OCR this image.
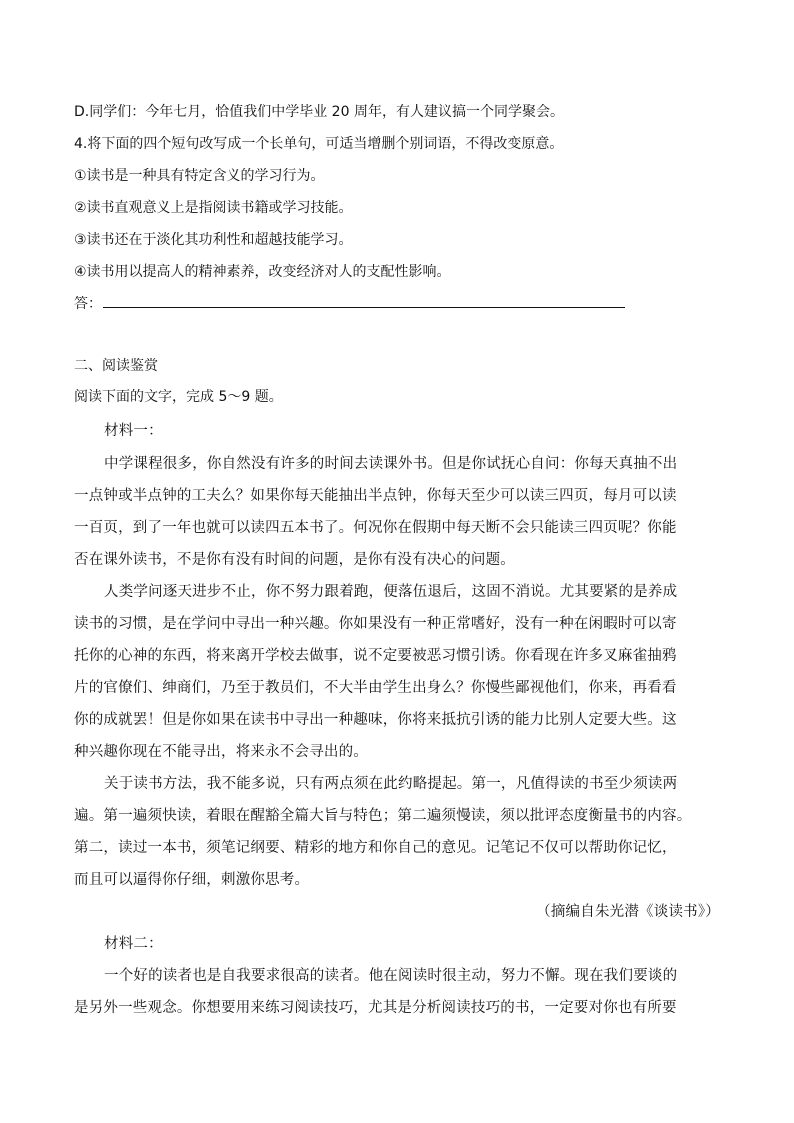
D.同学们：今年七月，恰值我们中学毕业 20 周年，有人建议搞一个同学聚会。
4.将下面的四个短句改写成一个长单句，可适当增删个别词语，不得改变原意。
①读书是一种具有特定含义的学习行为。
②读书直观意义上是指阅读书籍或学习技能。
③读书还在于淡化其功利性和超越技能学习。
④读书用以提高人的精神素养，改变经济对人的支配性影响。
答：
二、阅读鉴赏
阅读下面的文字，完成 5～9 题。
材料一：
中学课程很多，你自然没有许多的时间去读课外书。但是你试抚心自问：你每天真抽不出
一点钟或半点钟的工夫么？如果你每天能抽出半点钟，你每天至少可以读三四页，每月可以读
一百页，到了一年也就可以读四五本书了。何况你在假期中每天断不会只能读三四页呢？你能
否在课外读书，不是你有没有时间的问题，是你有没有决心的问题。
人类学问逐天进步不止，你不努力跟着跑，便落伍退后，这固不消说。尤其要紧的是养成
读书的习惯，是在学问中寻出一种兴趣。你如果没有一种正常嗜好，没有一种在闲暇时可以寄
托你的心神的东西，将来离开学校去做事，说不定要被恶习惯引诱。你看现在许多叉麻雀抽鸦
片的官僚们、绅商们，乃至于教员们，不大半由学生出身么？你慢些鄙视他们，你来，再看看
你的成就罢！但是你如果在读书中寻出一种趣味，你将来抵抗引诱的能力比别人定要大些。这
种兴趣你现在不能寻出，将来永不会寻出的。
关于读书方法，我不能多说，只有两点须在此约略提起。第一，凡值得读的书至少须读两
遍。第一遍须快读，着眼在醒豁全篇大旨与特色；第二遍须慢读，须以批评态度衡量书的内容。
第二，读过一本书，须笔记纲要、精彩的地方和你自己的意见。记笔记不仅可以帮助你记忆，
而且可以逼得你仔细，刺激你思考。
（摘编自朱光潜《谈读书》）
材料二：
一个好的读者也是自我要求很高的读者。他在阅读时很主动，努力不懈。现在我们要谈的
是另外一些观念。你想要用来练习阅读技巧，尤其是分析阅读技巧的书，一定要对你也有所要
